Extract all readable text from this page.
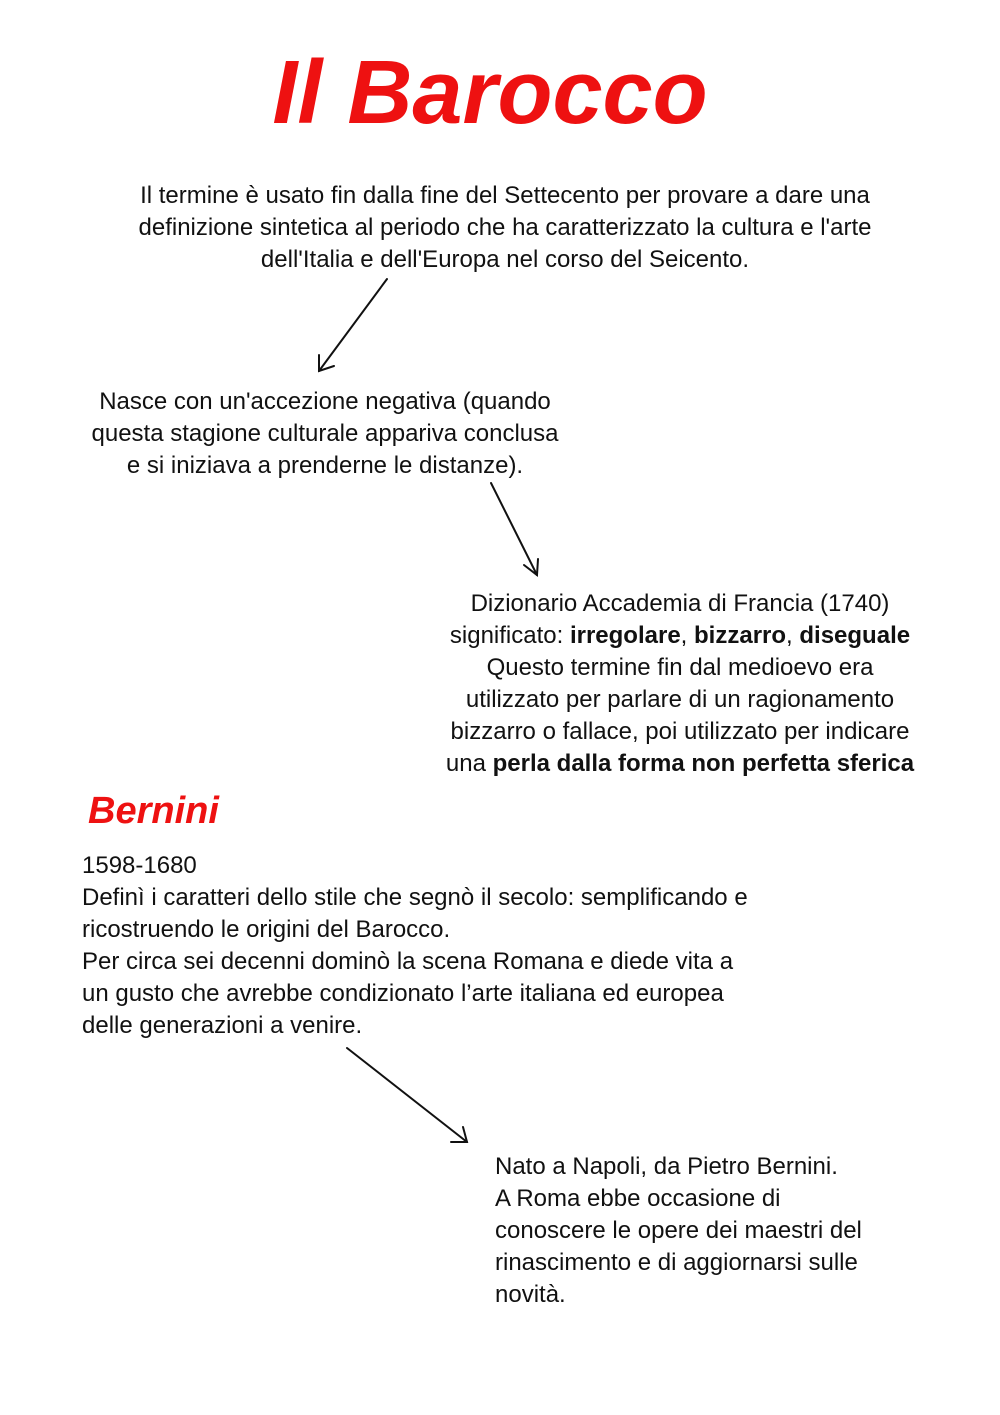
Il Barocco
Il termine è usato fin dalla fine del Settecento per provare a dare una
definizione sintetica al periodo che ha caratterizzato la cultura e l'arte
dell'Italia e dell'Europa nel corso del Seicento.
Nasce con un'accezione negativa (quando
questa stagione culturale appariva conclusa
e si iniziava a prenderne le distanze).
Dizionario Accademia di Francia (1740)
significato: irregolare, bizzarro, diseguale
Questo termine fin dal medioevo era
utilizzato per parlare di un ragionamento
bizzarro o fallace, poi utilizzato per indicare
una perla dalla forma non perfetta sferica
Bernini
1598-1680
Definì i caratteri dello stile che segnò il secolo: semplificando e
ricostruendo le origini del Barocco.
Per circa sei decenni dominò la scena Romana e diede vita a
un gusto che avrebbe condizionato l’arte italiana ed europea
delle generazioni a venire.
Nato a Napoli, da Pietro Bernini.
A Roma ebbe occasione di
conoscere le opere dei maestri del
rinascimento e di aggiornarsi sulle
novità.
